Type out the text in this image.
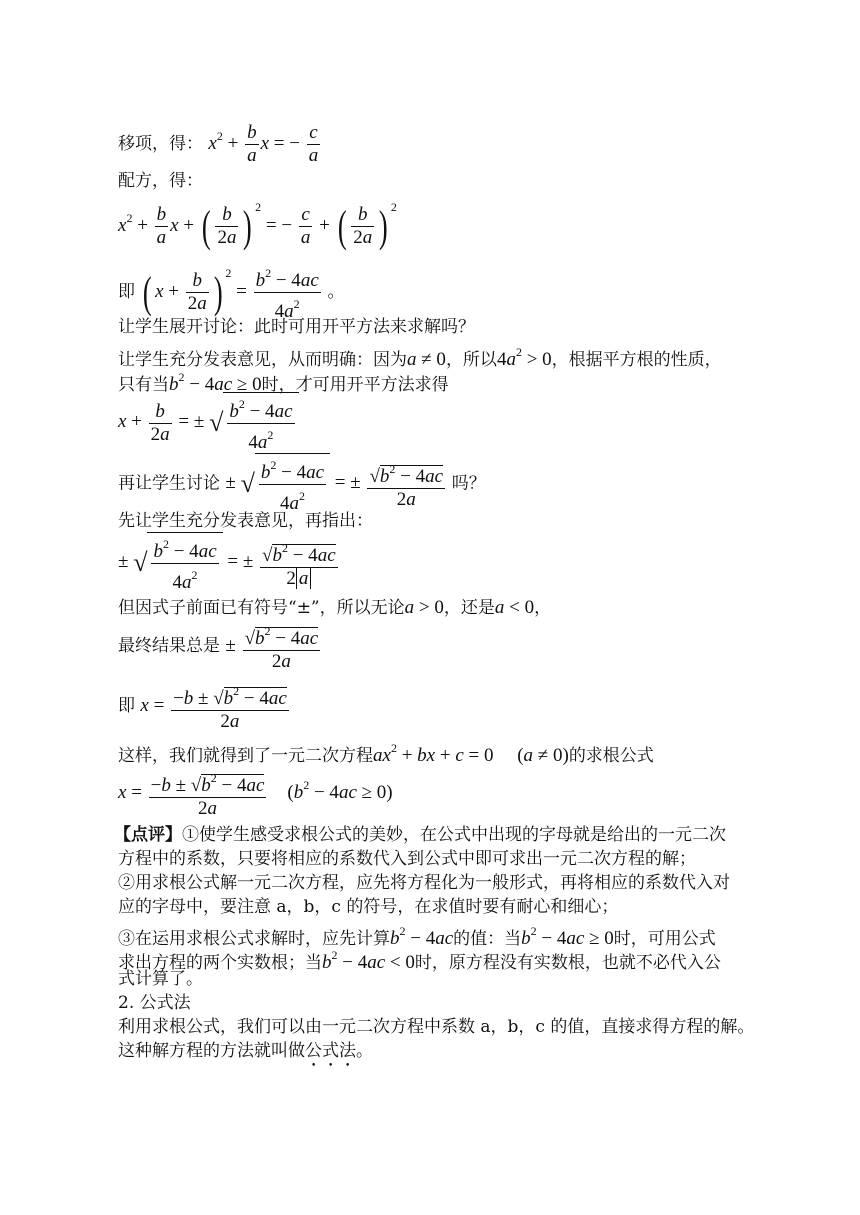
移项，得： $x^2 + \frac{b}{a}$ x = − $\frac{c}{a}$
配方，得：
$x^2 + \frac{b}{a}$ x + ( $\frac{b}{2a}$ ) $^2$ = − $\frac{c}{a}$ + ( $\frac{b}{2a}$ ) $^2$
即 ( $x + \frac{b}{2a}$ ) $^2 = \frac{b^2 - 4ac}{4a^2}$ 。
让学生展开讨论：此时可用开平方法来求解吗？
让学生充分发表意见，从而明确：因为a ≠ 0，所以$4a^2 > 0$，根据平方根的性质，
只有当$b^2 - 4ac \ge 0$时，才可用开平方法求得
$x + \frac{b}{2a}$ = ± √ $\frac{b^2 - 4ac}{4a^2}$
再让学生讨论 ± √ $\frac{b^2 - 4ac}{4a^2}$ = ± $\frac{√b^2 - 4ac}{2a}$ 吗？
先让学生充分发表意见，再指出：
± √ $\frac{b^2 - 4ac}{4a^2}$ = ± $\frac{√b^2 - 4ac}{2 a}$
但因式子前面已有符号“±”，所以无论a > 0，还是a < 0，
最终结果总是 ± $\frac{√b^2 - 4ac}{2a}$
即 $x = \frac{-b \pm √b^2 - 4ac}{2a}$
这样，我们就得到了一元二次方程$ax^2$ + bx + c = 0     (a ≠ 0)的求根公式
$x = \frac{-b \pm √b^2 - 4ac}{2a} (b^2 - 4ac \ge 0)$
【点评】①使学生感受求根公式的美妙，在公式中出现的字母就是给出的一元二次
方程中的系数，只要将相应的系数代入到公式中即可求出一元二次方程的解；
②用求根公式解一元二次方程，应先将方程化为一般形式，再将相应的系数代入对
应的字母中，要注意 a，b，c 的符号，在求值时要有耐心和细心；
③在运用求根公式求解时，应先计算$b^2 - 4ac$的值：当$b^2 - 4ac \ge 0$时，可用公式
求出方程的两个实数根；当$b^2 - 4ac < 0$时，原方程没有实数根，也就不必代入公
式计算了。
2. 公式法
利用求根公式，我们可以由一元二次方程中系数 a，b，c 的值，直接求得方程的解。
这种解方程的方法就叫做公式法。
